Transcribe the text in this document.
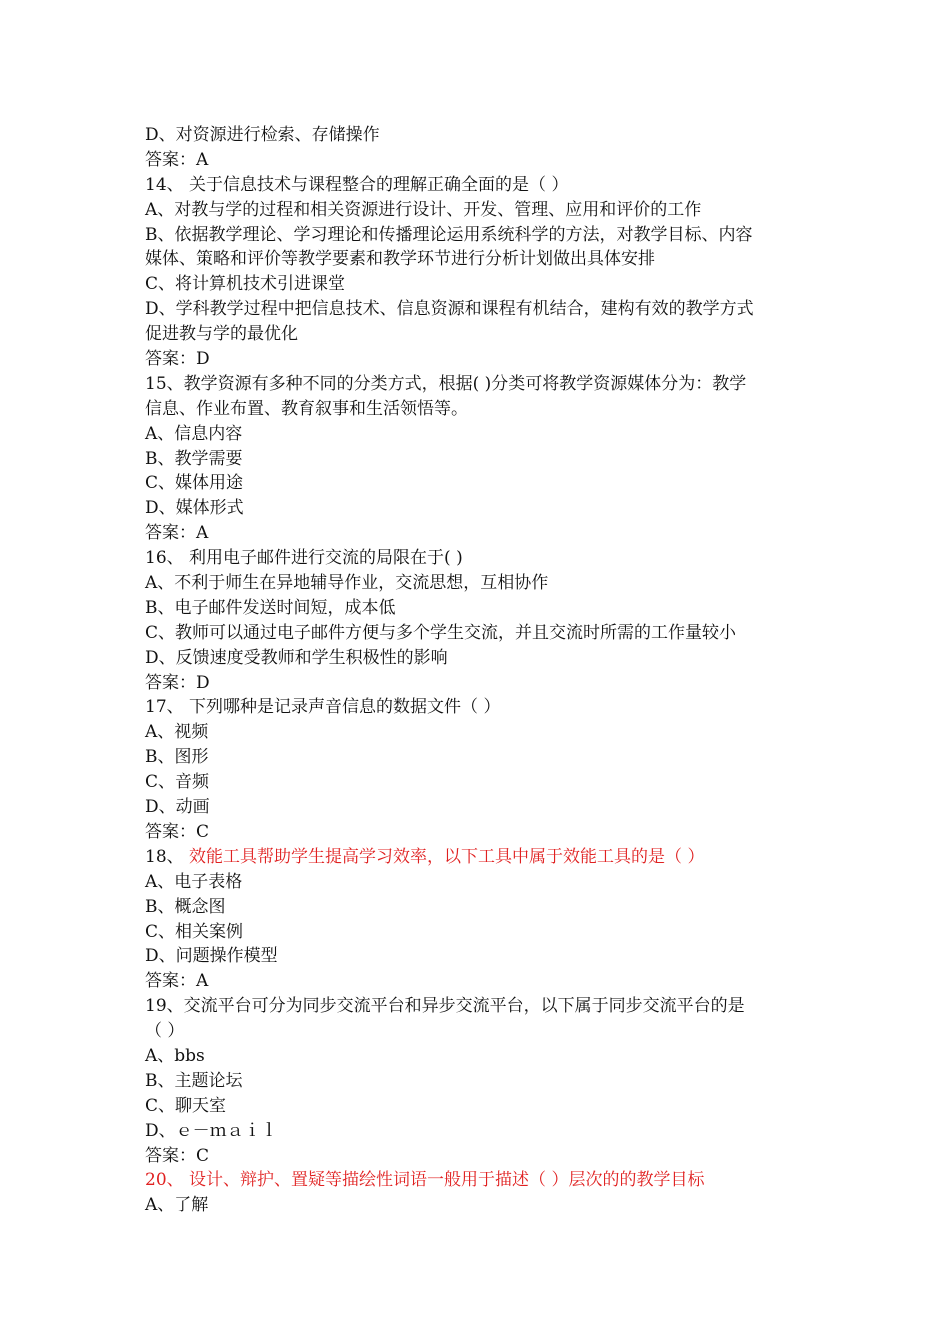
D、对资源进行检索、存储操作
答案：A
14、 关于信息技术与课程整合的理解正确全面的是（ ）
A、对教与学的过程和相关资源进行设计、开发、管理、应用和评价的工作
B、依据教学理论、学习理论和传播理论运用系统科学的方法，对教学目标、内容
媒体、策略和评价等教学要素和教学环节进行分析计划做出具体安排
C、将计算机技术引进课堂
D、学科教学过程中把信息技术、信息资源和课程有机结合，建构有效的教学方式
促进教与学的最优化
答案：D
15、教学资源有多种不同的分类方式，根据( )分类可将教学资源媒体分为：教学
信息、作业布置、教育叙事和生活领悟等。
A、信息内容
B、教学需要
C、媒体用途
D、媒体形式
答案：A
16、 利用电子邮件进行交流的局限在于( )
A、不利于师生在异地辅导作业，交流思想，互相协作
B、电子邮件发送时间短，成本低
C、教师可以通过电子邮件方便与多个学生交流，并且交流时所需的工作量较小
D、反馈速度受教师和学生积极性的影响
答案：D
17、 下列哪种是记录声音信息的数据文件（ ）
A、视频
B、图形
C、音频
D、动画
答案：C
18、 效能工具帮助学生提高学习效率，以下工具中属于效能工具的是（ ）
A、电子表格
B、概念图
C、相关案例
D、问题操作模型
答案：A
19、交流平台可分为同步交流平台和异步交流平台，以下属于同步交流平台的是
（ ）
A、bbs
B、主题论坛
C、聊天室
D、ｅ－ｍａｉｌ
答案：C
20、 设计、辩护、置疑等描绘性词语一般用于描述（ ）层次的的教学目标
A、了解
